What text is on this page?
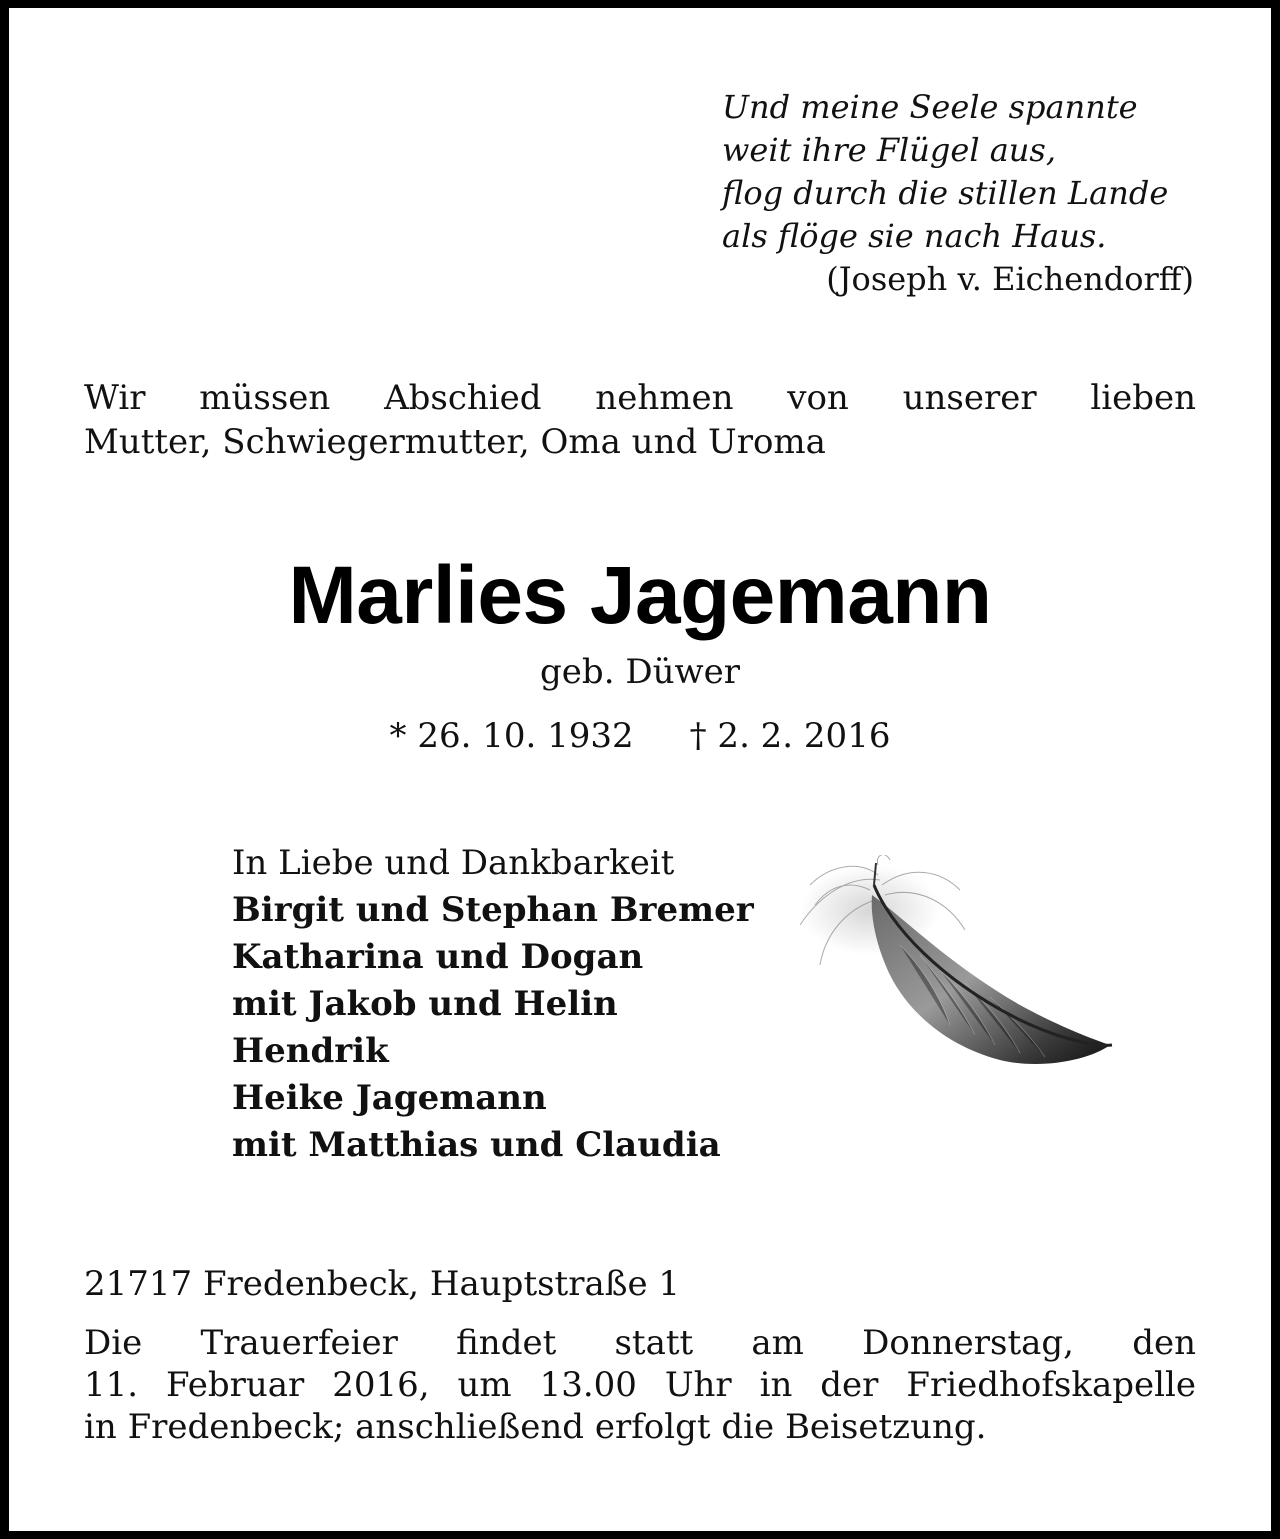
Und meine Seele spannte
weit ihre Flügel aus,
flog durch die stillen Lande
als flöge sie nach Haus.
(Joseph v. Eichendorff)
Wir müssen Abschied nehmen von unserer lieben
Mutter, Schwiegermutter, Oma und Uroma
Marlies Jagemann
geb. Düwer
* 26. 10. 1932 † 2. 2. 2016
In Liebe und Dankbarkeit
Birgit und Stephan Bremer
Katharina und Dogan
mit Jakob und Helin
Hendrik
Heike Jagemann
mit Matthias und Claudia
21717 Fredenbeck, Hauptstraße 1
Die Trauerfeier findet statt am Donnerstag, den
11. Februar 2016, um 13.00 Uhr in der Friedhofskapelle
in Fredenbeck; anschließend erfolgt die Beisetzung.
